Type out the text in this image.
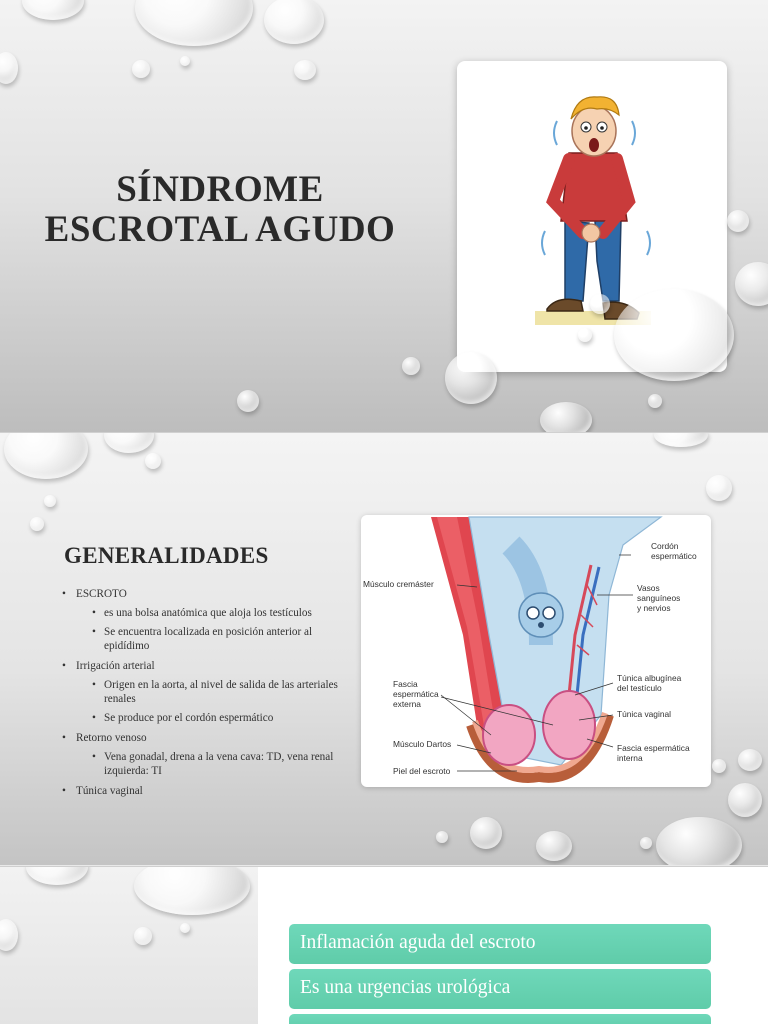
SÍNDROME
ESCROTAL AGUDO
GENERALIDADES
• ESCROTO
• es una bolsa anatómica que aloja los testículos
• Se encuentra localizada en posición anterior al epidídimo
• Irrigación arterial
• Origen en la aorta, al nivel de salida de las arteriales renales
• Se produce por el cordón espermático
• Retorno venoso
• Vena gonadal, drena a la vena cava: TD, vena renal izquierda: TI
• Túnica vaginal
Músculo cremáster
Cordón
espermático
Vasos
sanguíneos
y nervios
Fascia
espermática
externa
Túnica albugínea
del testículo
Túnica vaginal
Músculo Dartos	Fascia espermática
interna
Piel del escroto
Inflamación aguda del escroto
Es una urgencias urológica
